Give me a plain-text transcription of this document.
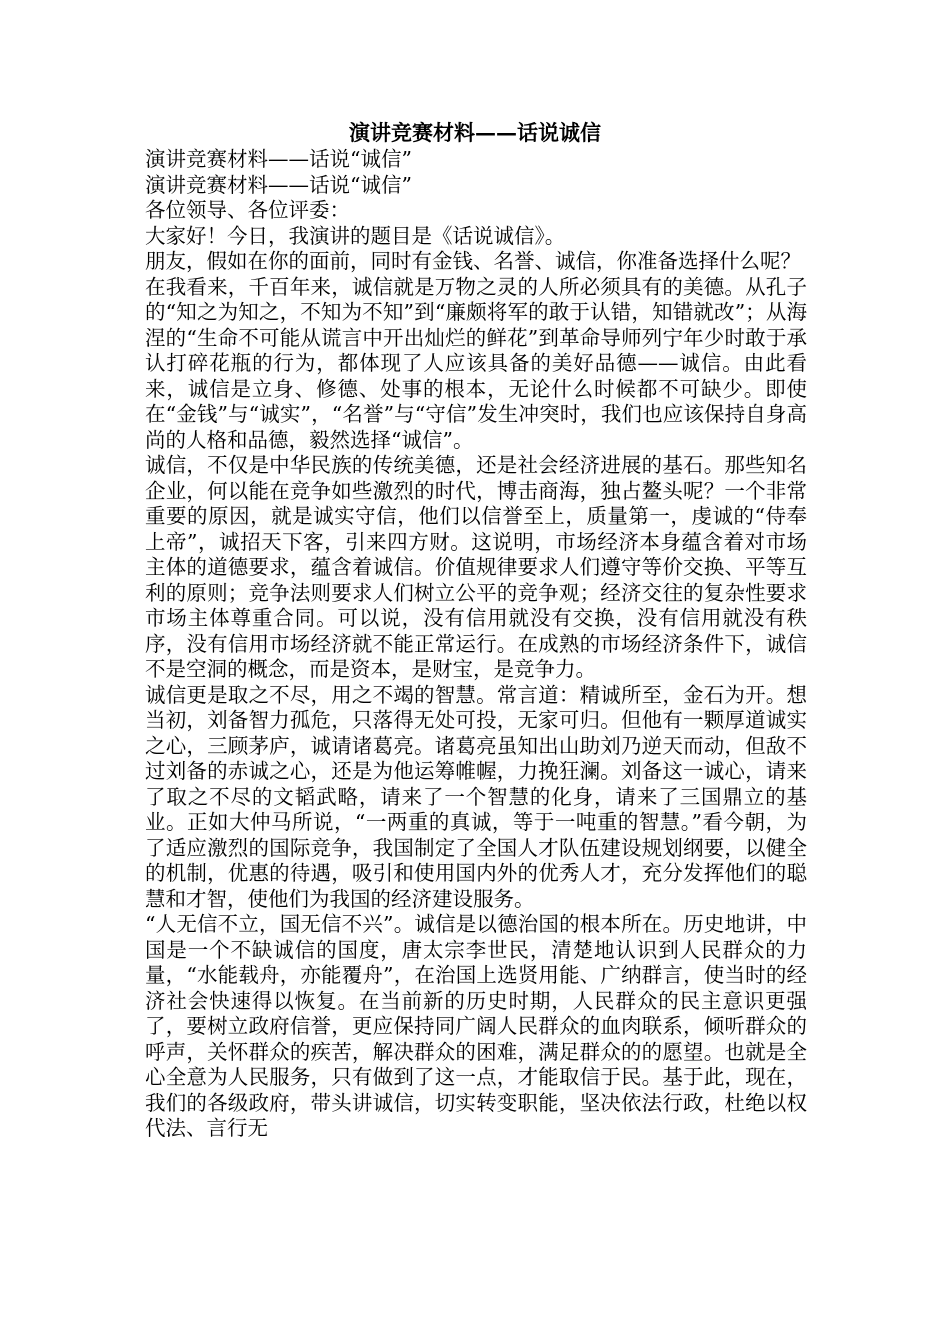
演讲竞赛材料——话说诚信

演讲竞赛材料——话说“诚信”

演讲竞赛材料——话说“诚信”

各位领导、各位评委：

大家好！今日，我演讲的题目是《话说诚信》。

朋友，假如在你的面前，同时有金钱、名誉、诚信，你准备选择什么呢？

在我看来，千百年来，诚信就是万物之灵的人所必须具有的美德。从孔子的“知之为知之，不知为不知”到“廉颇将军的敢于认错，知错就改”；从海涅的“生命不可能从谎言中开出灿烂的鲜花”到革命导师列宁年少时敢于承认打碎花瓶的行为，都体现了人应该具备的美好品德——诚信。由此看来，诚信是立身、修德、处事的根本，无论什么时候都不可缺少。即使在“金钱”与“诚实”，“名誉”与“守信”发生冲突时，我们也应该保持自身高尚的人格和品德，毅然选择“诚信”。

诚信，不仅是中华民族的传统美德，还是社会经济进展的基石。那些知名企业，何以能在竞争如些激烈的时代，博击商海，独占鳌头呢？一个非常重要的原因，就是诚实守信，他们以信誉至上，质量第一，虔诚的“侍奉上帝”，诚招天下客，引来四方财。这说明，市场经济本身蕴含着对市场主体的道德要求，蕴含着诚信。价值规律要求人们遵守等价交换、平等互利的原则；竞争法则要求人们树立公平的竞争观；经济交往的复杂性要求市场主体尊重合同。可以说，没有信用就没有交换，没有信用就没有秩序，没有信用市场经济就不能正常运行。在成熟的市场经济条件下，诚信不是空洞的概念，而是资本，是财宝，是竞争力。

诚信更是取之不尽，用之不竭的智慧。常言道：精诚所至，金石为开。想当初，刘备智力孤危，只落得无处可投，无家可归。但他有一颗厚道诚实之心，三顾茅庐，诚请诸葛亮。诸葛亮虽知出山助刘乃逆天而动，但敌不过刘备的赤诚之心，还是为他运筹帷幄，力挽狂澜。刘备这一诚心，请来了取之不尽的文韬武略，请来了一个智慧的化身，请来了三国鼎立的基业。正如大仲马所说，“一两重的真诚，等于一吨重的智慧。”看今朝，为了适应激烈的国际竞争，我国制定了全国人才队伍建设规划纲要，以健全的机制，优惠的待遇，吸引和使用国内外的优秀人才，充分发挥他们的聪慧和才智，使他们为我国的经济建设服务。

“人无信不立，国无信不兴”。诚信是以德治国的根本所在。历史地讲，中国是一个不缺诚信的国度，唐太宗李世民，清楚地认识到人民群众的力量，“水能载舟，亦能覆舟”，在治国上选贤用能、广纳群言，使当时的经济社会快速得以恢复。在当前新的历史时期，人民群众的民主意识更强了，要树立政府信誉，更应保持同广阔人民群众的血肉联系，倾听群众的呼声，关怀群众的疾苦，解决群众的困难，满足群众的的愿望。也就是全心全意为人民服务，只有做到了这一点，才能取信于民。基于此，现在，我们的各级政府，带头讲诚信，切实转变职能，坚决依法行政，杜绝以权代法、言行无
